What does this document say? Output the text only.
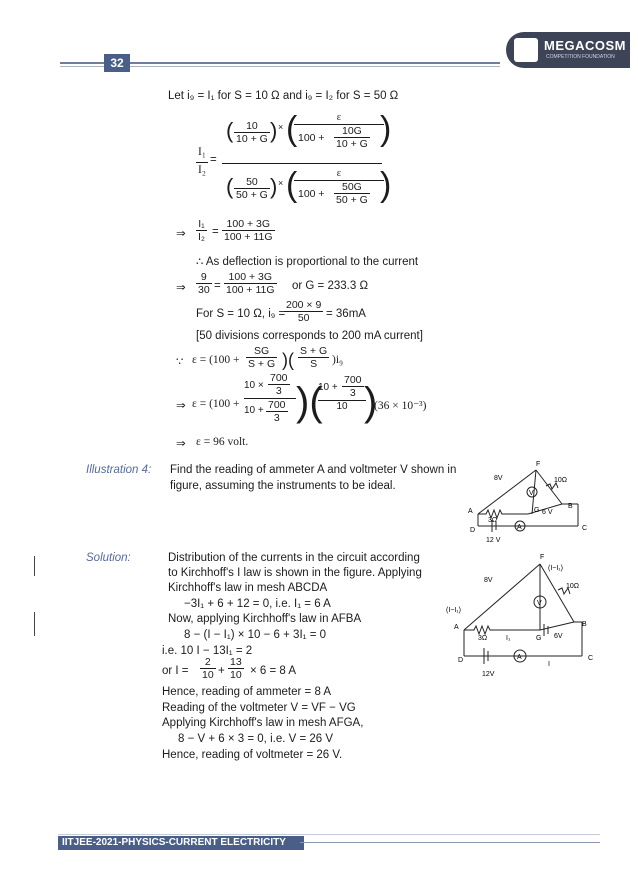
32
MEGACOSM
COMPETITION FOUNDATION
Let i₉ = I₁ for S = 10 Ω and i₉ = I₂ for S = 50 Ω
I₁
I₂
=
( $\frac{10}{10 + G}$ ) × (	ε
$100 + \frac{10G}{10 + G}$ )
( $\frac{50}{50 + G}$ ) × (	ε
$100 + \frac{50G}{50 + G}$ )
⇒ $\frac{\text{I₁}}{\text{I₂}} = \frac{100 + 3G}{100 + 11G}$
∴ As deflection is proportional to the current
⇒ $\frac{9}{30} = \frac{100 + 3G}{100 + 11G}$ or G = 233.3 Ω
For S = 10 Ω, i₉ =
$\frac{200 \times 9}{50} = 36mA$
[50 divisions corresponds to 200 mA current]
∵ $\varepsilon = (100 + \frac{SG}{S + G}$ )( $\frac{S + G}{S} )i_9$
⇒ ε = (100 +
$10 \times \frac{700}{3}$
$10 + \frac{700}{3}$ )(
$10 + \frac{700}{3}$
10 )
(36 × 10⁻³)
⇒ ε = 96 volt.
Illustration 4: Find the reading of ammeter A and voltmeter V shown in
figure, assuming the instruments to be ideal.
F
A
B
C
D
G
8V	10Ω
3Ω
6 V
12 V
V
A
Solution:	Distribution of the currents in the circuit according
to Kirchhoff's I law is shown in the figure. Applying
Kirchhoff's law in mesh ABCDA
−3I₁ + 6 + 12 = 0, i.e. I₁ = 6 A
Now, applying Kirchhoff's law in AFBA
8 − (I − I₁) × 10 − 6 + 3I₁ = 0
i.e. 10 I − 13I₁ = 2
or $I = \frac{2}{10} + \frac{13}{10} \times 6 = 8$ A
Hence, reading of ammeter = 8 A
Reading of the voltmeter V = VF − VG
Applying Kirchhoff's law in mesh AFGA,
8 − V + 6 × 3 = 0, i.e. V = 26 V
Hence, reading of voltmeter = 26 V.
F
A	B
C
D
G
8V
10Ω
3Ω	6V
12V
(I−I₁)
(I−I₁)
I₁
I
V
A
IITJEE-2021-PHYSICS-CURRENT ELECTRICITY
